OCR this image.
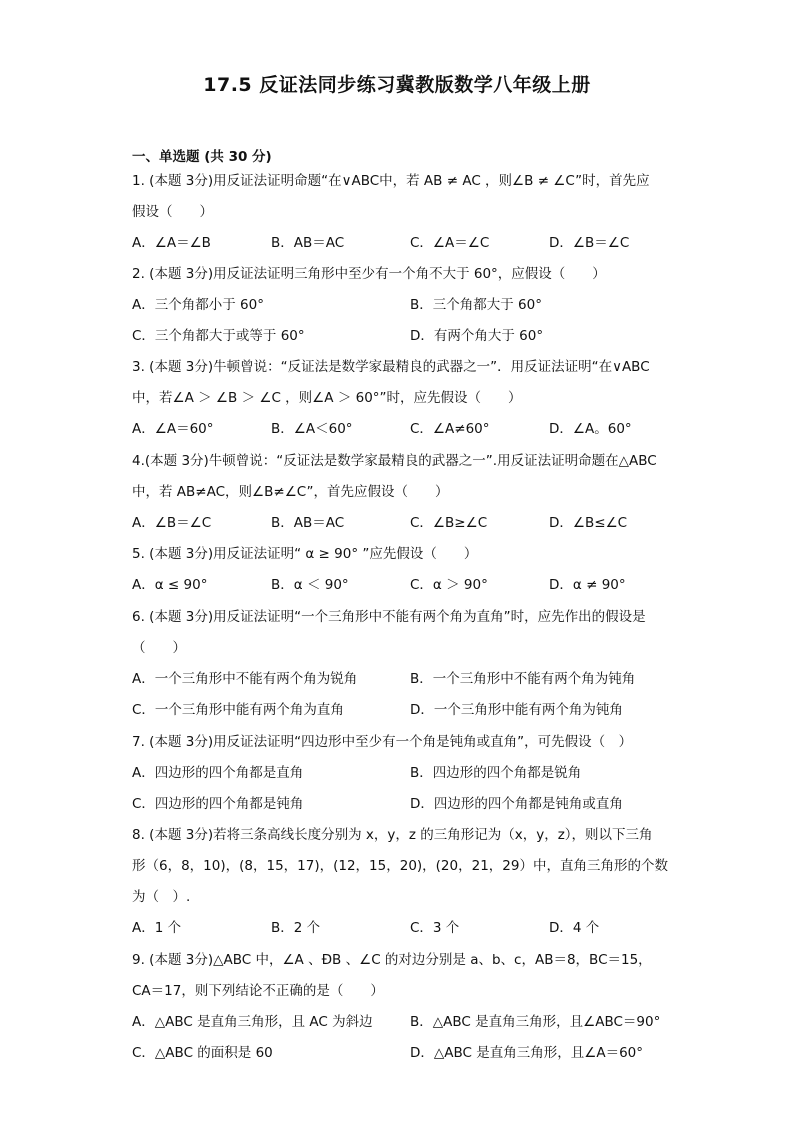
17.5 反证法同步练习冀教版数学八年级上册
一、单选题 (共 30 分)
1. (本题 3分)用反证法证明命题“在∨ABC中，若 AB ≠ AC ，则∠B ≠ ∠C”时，首先应
假设（　　）
A．∠A＝∠B	B．AB＝AC	C．∠A＝∠C	D．∠B＝∠C
2. (本题 3分)用反证法证明三角形中至少有一个角不大于 60°，应假设（　　）
A．三个角都小于 60°	B．三个角都大于 60°
C．三个角都大于或等于 60°	D．有两个角大于 60°
3. (本题 3分)牛顿曾说：“反证法是数学家最精良的武器之一”．用反证法证明“在∨ABC
中，若∠A ＞ ∠B ＞ ∠C ，则∠A ＞ 60°”时，应先假设（　　）
A．∠A＝60°	B．∠A＜60°	C．∠A≠60°	D．∠A。60°
4.(本题 3分)牛顿曾说：“反证法是数学家最精良的武器之一”.用反证法证明命题在△ABC
中，若 AB≠AC，则∠B≠∠C”，首先应假设（　　）
A．∠B＝∠C	B．AB＝AC	C．∠B≥∠C	D．∠B≤∠C
5. (本题 3分)用反证法证明“ α ≥ 90° ”应先假设（　　）
A．α ≤ 90°	B．α ＜ 90°	C．α ＞ 90°	D．α ≠ 90°
6. (本题 3分)用反证法证明“一个三角形中不能有两个角为直角”时，应先作出的假设是
（　　）
A．一个三角形中不能有两个角为锐角	B．一个三角形中不能有两个角为钝角
C．一个三角形中能有两个角为直角	D．一个三角形中能有两个角为钝角
7. (本题 3分)用反证法证明“四边形中至少有一个角是钝角或直角”，可先假设（　）
A．四边形的四个角都是直角	B．四边形的四个角都是锐角
C．四边形的四个角都是钝角	D．四边形的四个角都是钝角或直角
8. (本题 3分)若将三条高线长度分别为 x，y，z 的三角形记为（x，y，z），则以下三角
形（6，8，10)，(8，15，17)，(12，15，20)，(20，21，29）中，直角三角形的个数
为（　）.
A．1 个	B．2 个	C．3 个	D．4 个
9. (本题 3分)△ABC 中，∠A 、ÐB 、∠C 的对边分别是 a、b、c，AB＝8，BC＝15，
CA＝17，则下列结论不正确的是（　　）
A．△ABC 是直角三角形，且 AC 为斜边	B．△ABC 是直角三角形，且∠ABC＝90°
C．△ABC 的面积是 60	D．△ABC 是直角三角形，且∠A＝60°
